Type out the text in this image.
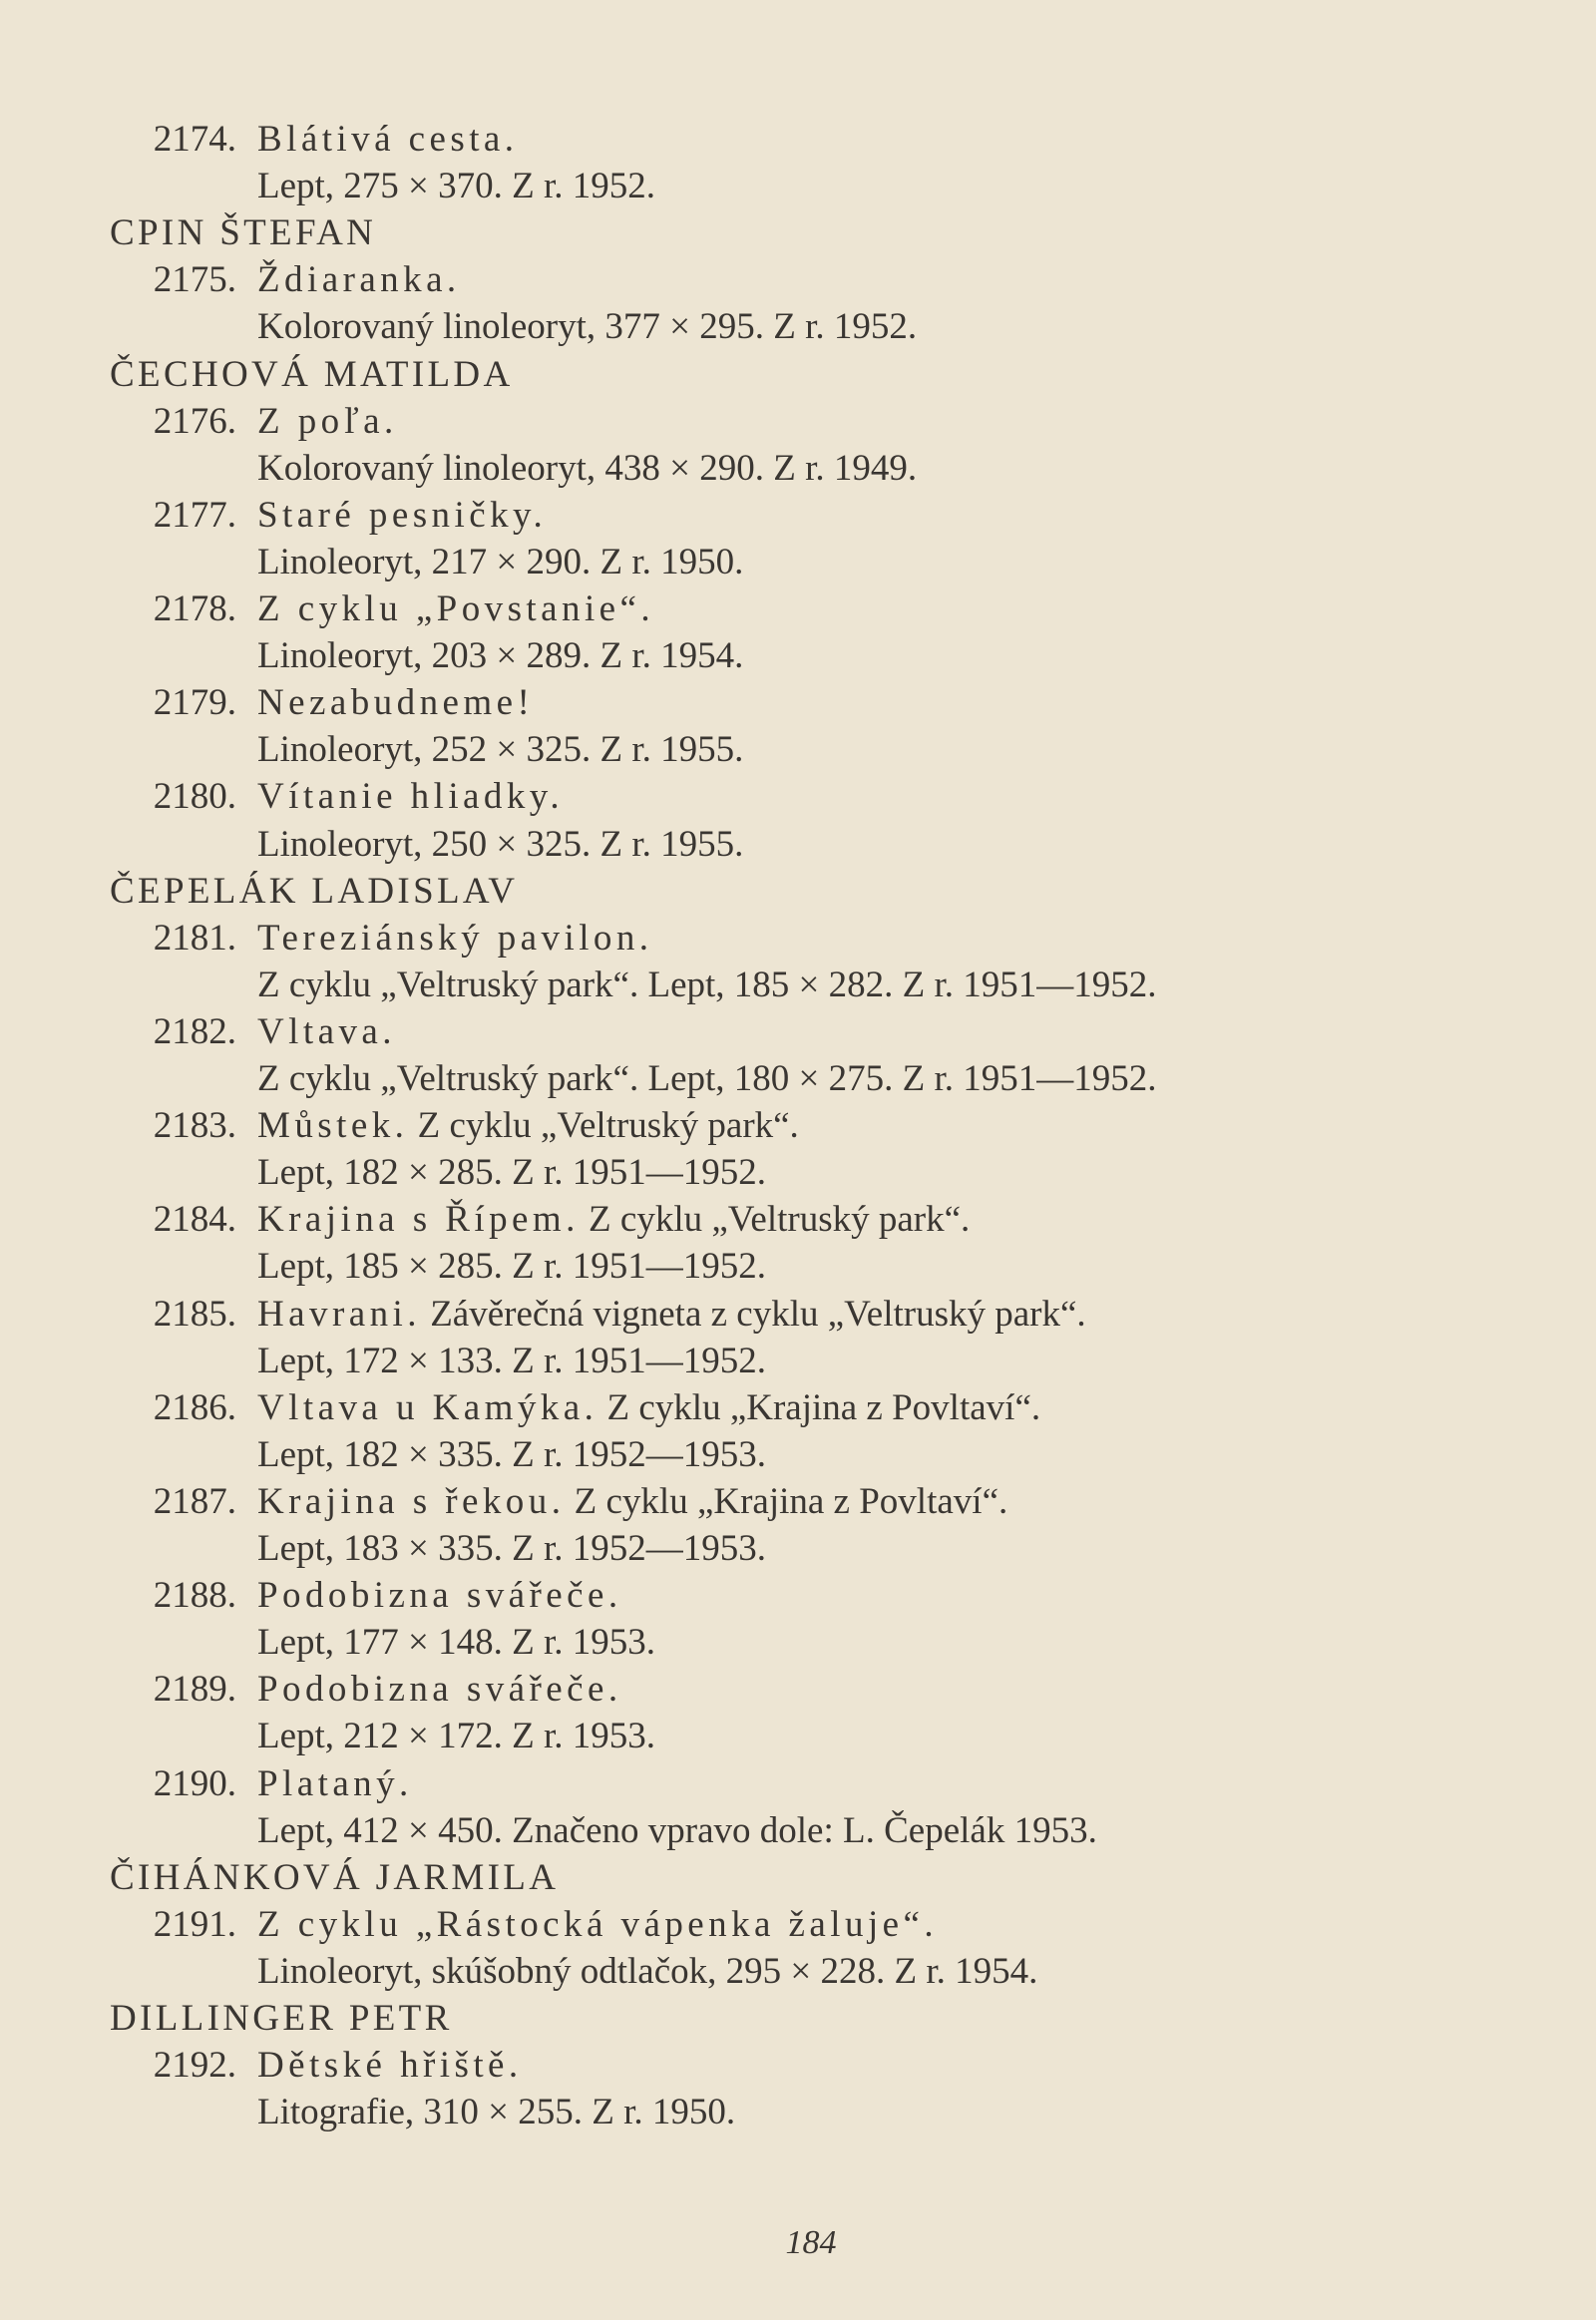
2174. Blátivá cesta.
Lept, 275 × 370. Z r. 1952.
CPIN ŠTEFAN
2175. Ždiaranka.
Kolorovaný linoleoryt, 377 × 295. Z r. 1952.
ČECHOVÁ MATILDA
2176. Z poľa.
Kolorovaný linoleoryt, 438 × 290. Z r. 1949.
2177. Staré pesničky.
Linoleoryt, 217 × 290. Z r. 1950.
2178. Z cyklu „Povstanie“.
Linoleoryt, 203 × 289. Z r. 1954.
2179. Nezabudneme!
Linoleoryt, 252 × 325. Z r. 1955.
2180. Vítanie hliadky.
Linoleoryt, 250 × 325. Z r. 1955.
ČEPELÁK LADISLAV
2181. Tereziánský pavilon.
Z cyklu „Veltruský park“. Lept, 185 × 282. Z r. 1951—1952.
2182. Vltava.
Z cyklu „Veltruský park“. Lept, 180 × 275. Z r. 1951—1952.
2183. Můstek. Z cyklu „Veltruský park“.
Lept, 182 × 285. Z r. 1951—1952.
2184. Krajina s Řípem. Z cyklu „Veltruský park“.
Lept, 185 × 285. Z r. 1951—1952.
2185. Havrani. Závěrečná vigneta z cyklu „Veltruský park“.
Lept, 172 × 133. Z r. 1951—1952.
2186. Vltava u Kamýka. Z cyklu „Krajina z Povltaví“.
Lept, 182 × 335. Z r. 1952—1953.
2187. Krajina s řekou. Z cyklu „Krajina z Povltaví“.
Lept, 183 × 335. Z r. 1952—1953.
2188. Podobizna svářeče.
Lept, 177 × 148. Z r. 1953.
2189. Podobizna svářeče.
Lept, 212 × 172. Z r. 1953.
2190. Plataný.
Lept, 412 × 450. Značeno vpravo dole: L. Čepelák 1953.
ČIHÁNKOVÁ JARMILA
2191. Z cyklu „Rástocká vápenka žaluje“.
Linoleoryt, skúšobný odtlačok, 295 × 228. Z r. 1954.
DILLINGER PETR
2192. Dětské hřiště.
Litografie, 310 × 255. Z r. 1950.
184
